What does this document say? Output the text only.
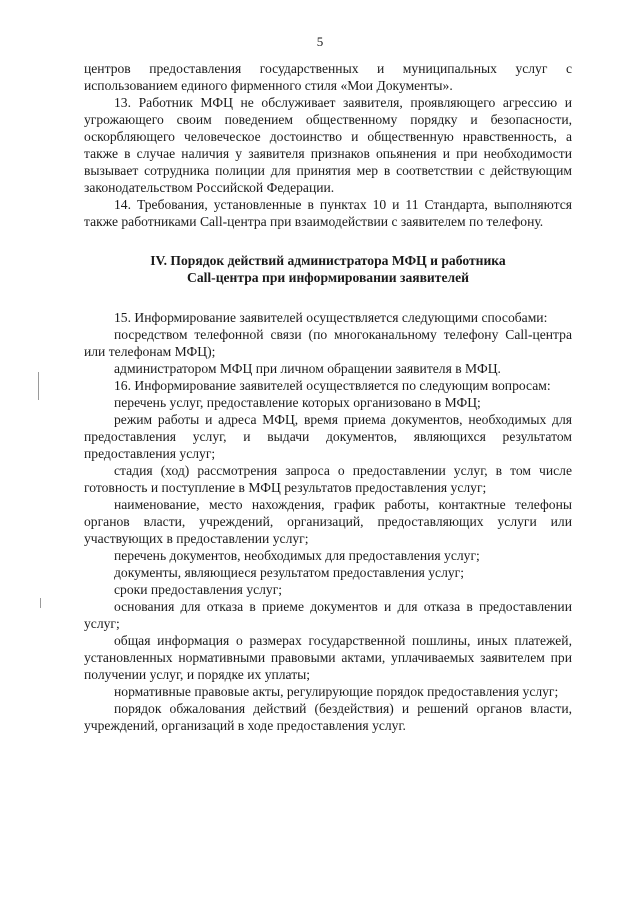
5

центров предоставления государственных и муниципальных услуг с использованием единого фирменного стиля «Мои Документы».

13. Работник МФЦ не обслуживает заявителя, проявляющего агрессию и угрожающего своим поведением общественному порядку и безопасности, оскорбляющего человеческое достоинство и общественную нравственность, а также в случае наличия у заявителя признаков опьянения и при необходимости вызывает сотрудника полиции для принятия мер в соответствии с действующим законодательством Российской Федерации.

14. Требования, установленные в пунктах 10 и 11 Стандарта, выполняются также работниками Call-центра при взаимодействии с заявителем по телефону.

IV. Порядок действий администратора МФЦ и работника
Call-центра при информировании заявителей

15. Информирование заявителей осуществляется следующими способами:

посредством телефонной связи (по многоканальному телефону Call-центра или телефонам МФЦ);

администратором МФЦ при личном обращении заявителя в МФЦ.

16. Информирование заявителей осуществляется по следующим вопросам:

перечень услуг, предоставление которых организовано в МФЦ;

режим работы и адреса МФЦ, время приема документов, необходимых для предоставления услуг, и выдачи документов, являющихся результатом предоставления услуг;

стадия (ход) рассмотрения запроса о предоставлении услуг, в том числе готовность и поступление в МФЦ результатов предоставления услуг;

наименование, место нахождения, график работы, контактные телефоны органов власти, учреждений, организаций, предоставляющих услуги или участвующих в предоставлении услуг;

перечень документов, необходимых для предоставления услуг;

документы, являющиеся результатом предоставления услуг;

сроки предоставления услуг;

основания для отказа в приеме документов и для отказа в предоставлении услуг;

общая информация о размерах государственной пошлины, иных платежей, установленных нормативными правовыми актами, уплачиваемых заявителем при получении услуг, и порядке их уплаты;

нормативные правовые акты, регулирующие порядок предоставления услуг;

порядок обжалования действий (бездействия) и решений органов власти, учреждений, организаций в ходе предоставления услуг.
